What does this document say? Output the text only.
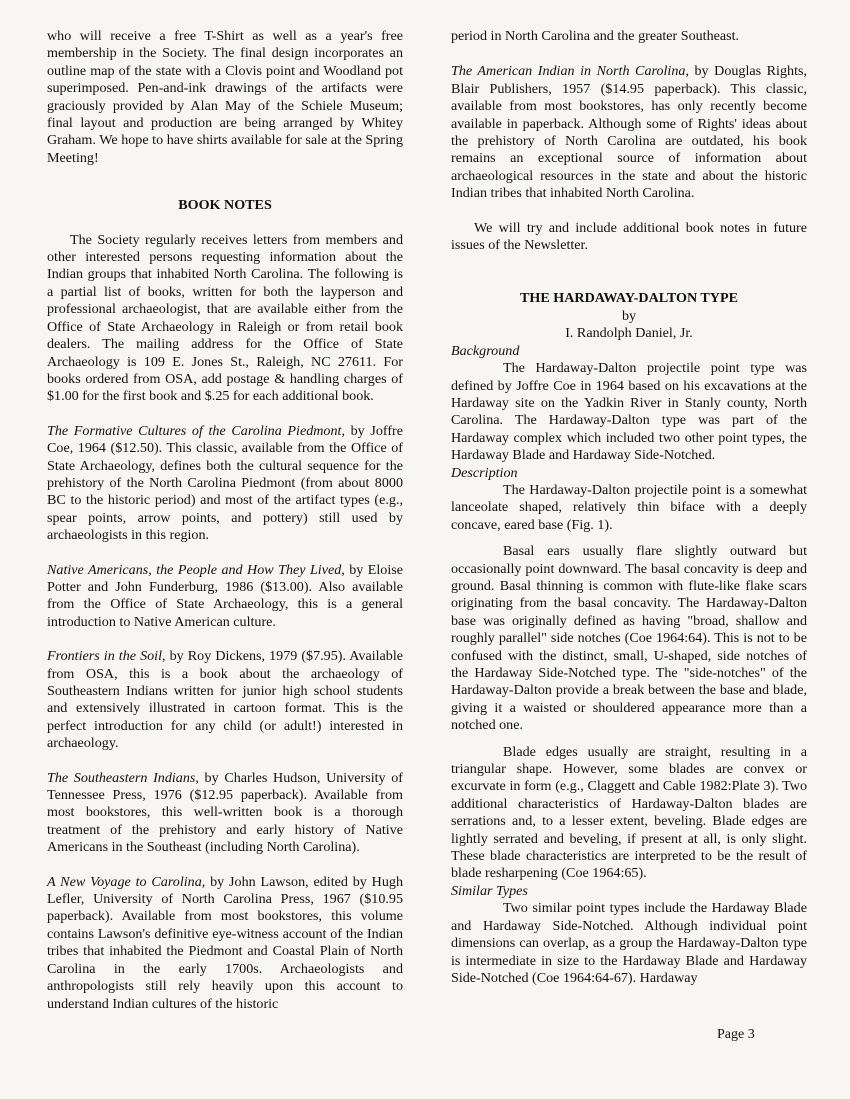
who will receive a free T-Shirt as well as a year's free membership in the Society. The final design incorporates an outline map of the state with a Clovis point and Woodland pot superimposed. Pen-and-ink drawings of the artifacts were graciously provided by Alan May of the Schiele Museum; final layout and production are being arranged by Whitey Graham. We hope to have shirts available for sale at the Spring Meeting!

BOOK NOTES

The Society regularly receives letters from members and other interested persons requesting information about the Indian groups that inhabited North Carolina. The following is a partial list of books, written for both the layperson and professional archaeologist, that are available either from the Office of State Archaeology in Raleigh or from retail book dealers. The mailing address for the Office of State Archaeology is 109 E. Jones St., Raleigh, NC 27611. For books ordered from OSA, add postage & handling charges of $1.00 for the first book and $.25 for each additional book.

The Formative Cultures of the Carolina Piedmont, by Joffre Coe, 1964 ($12.50). This classic, available from the Office of State Archaeology, defines both the cultural sequence for the prehistory of the North Carolina Piedmont (from about 8000 BC to the historic period) and most of the artifact types (e.g., spear points, arrow points, and pottery) still used by archaeologists in this region.

Native Americans, the People and How They Lived, by Eloise Potter and John Funderburg, 1986 ($13.00). Also available from the Office of State Archaeology, this is a general introduction to Native American culture.

Frontiers in the Soil, by Roy Dickens, 1979 ($7.95). Available from OSA, this is a book about the archaeology of Southeastern Indians written for junior high school students and extensively illustrated in cartoon format. This is the perfect introduction for any child (or adult!) interested in archaeology.

The Southeastern Indians, by Charles Hudson, University of Tennessee Press, 1976 ($12.95 paperback). Available from most bookstores, this well-written book is a thorough treatment of the prehistory and early history of Native Americans in the Southeast (including North Carolina).

A New Voyage to Carolina, by John Lawson, edited by Hugh Lefler, University of North Carolina Press, 1967 ($10.95 paperback). Available from most bookstores, this volume contains Lawson's definitive eye-witness account of the Indian tribes that inhabited the Piedmont and Coastal Plain of North Carolina in the early 1700s. Archaeologists and anthropologists still rely heavily upon this account to understand Indian cultures of the historic

period in North Carolina and the greater Southeast.

The American Indian in North Carolina, by Douglas Rights, Blair Publishers, 1957 ($14.95 paperback). This classic, available from most bookstores, has only recently become available in paperback. Although some of Rights' ideas about the prehistory of North Carolina are outdated, his book remains an exceptional source of information about archaeological resources in the state and about the historic Indian tribes that inhabited North Carolina.

We will try and include additional book notes in future issues of the Newsletter.

THE HARDAWAY-DALTON TYPE

by

I. Randolph Daniel, Jr.

Background

The Hardaway-Dalton projectile point type was defined by Joffre Coe in 1964 based on his excavations at the Hardaway site on the Yadkin River in Stanly county, North Carolina. The Hardaway-Dalton type was part of the Hardaway complex which included two other point types, the Hardaway Blade and Hardaway Side-Notched.

Description

The Hardaway-Dalton projectile point is a somewhat lanceolate shaped, relatively thin biface with a deeply concave, eared base (Fig. 1).

Basal ears usually flare slightly outward but occasionally point downward. The basal concavity is deep and ground. Basal thinning is common with flute-like flake scars originating from the basal concavity. The Hardaway-Dalton base was originally defined as having "broad, shallow and roughly parallel" side notches (Coe 1964:64). This is not to be confused with the distinct, small, U-shaped, side notches of the Hardaway Side-Notched type. The "side-notches" of the Hardaway-Dalton provide a break between the base and blade, giving it a waisted or shouldered appearance more than a notched one.

Blade edges usually are straight, resulting in a triangular shape. However, some blades are convex or excurvate in form (e.g., Claggett and Cable 1982:Plate 3). Two additional characteristics of Hardaway-Dalton blades are serrations and, to a lesser extent, beveling. Blade edges are lightly serrated and beveling, if present at all, is only slight. These blade characteristics are interpreted to be the result of blade resharpening (Coe 1964:65).

Similar Types

Two similar point types include the Hardaway Blade and Hardaway Side-Notched. Although individual point dimensions can overlap, as a group the Hardaway-Dalton type is intermediate in size to the Hardaway Blade and Hardaway Side-Notched (Coe 1964:64-67). Hardaway

Page 3
